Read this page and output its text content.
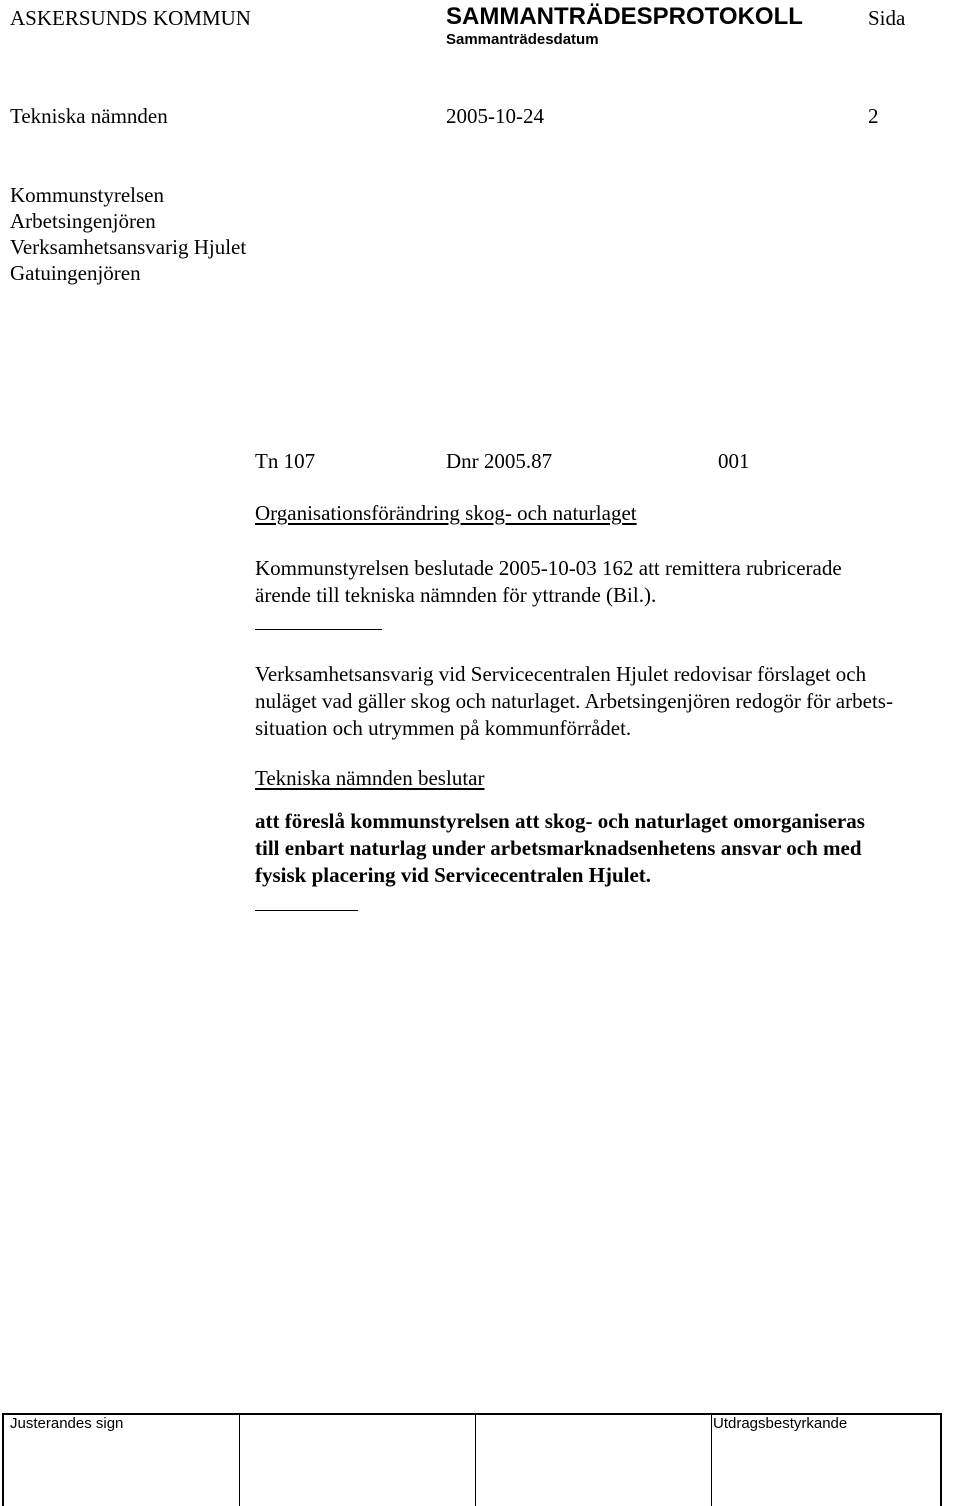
ASKERSUNDS KOMMUN	SAMMANTRÄDESPROTOKOLL	Sida
Sammanträdesdatum
Tekniska nämnden	2005-10-24	2
Kommunstyrelsen
Arbetsingenjören
Verksamhetsansvarig Hjulet
Gatuingenjören
Tn 107	Dnr 2005.87	001
Organisationsförändring skog- och naturlaget
Kommunstyrelsen beslutade 2005-10-03 162 att remittera rubricerade
ärende till tekniska nämnden för yttrande (Bil.).
Verksamhetsansvarig vid Servicecentralen Hjulet redovisar förslaget och
nuläget vad gäller skog och naturlaget. Arbetsingenjören redogör för arbets-
situation och utrymmen på kommunförrådet.
Tekniska nämnden beslutar
att föreslå kommunstyrelsen att skog- och naturlaget omorganiseras
till enbart naturlag under arbetsmarknadsenhetens ansvar och med
fysisk placering vid Servicecentralen Hjulet.
Justerandes sign	Utdragsbestyrkande
